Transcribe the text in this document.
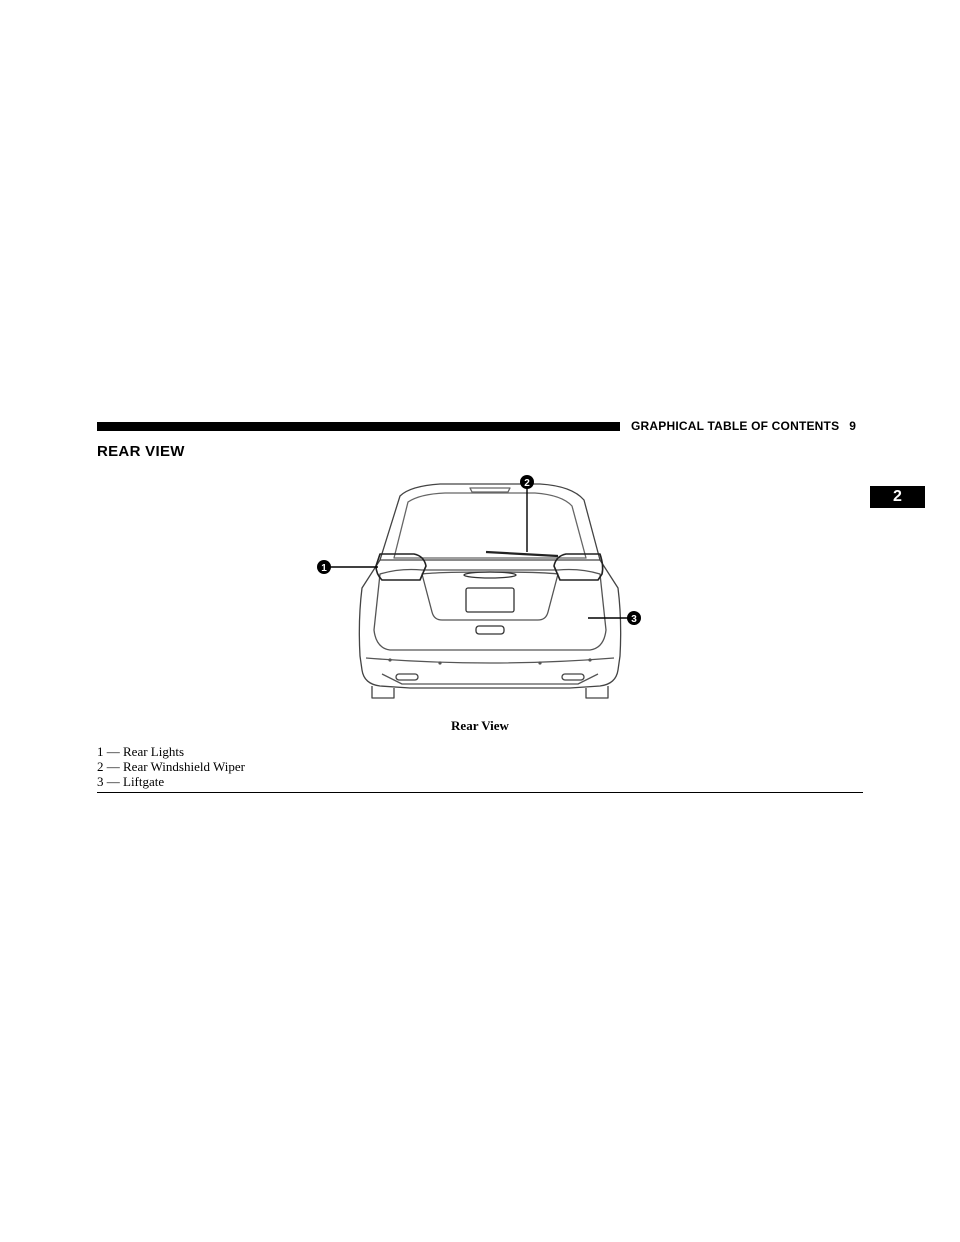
GRAPHICAL TABLE OF CONTENTS 9
REAR VIEW
2
1
2
3
Rear View
1 — Rear Lights
2 — Rear Windshield Wiper
3 — Liftgate
